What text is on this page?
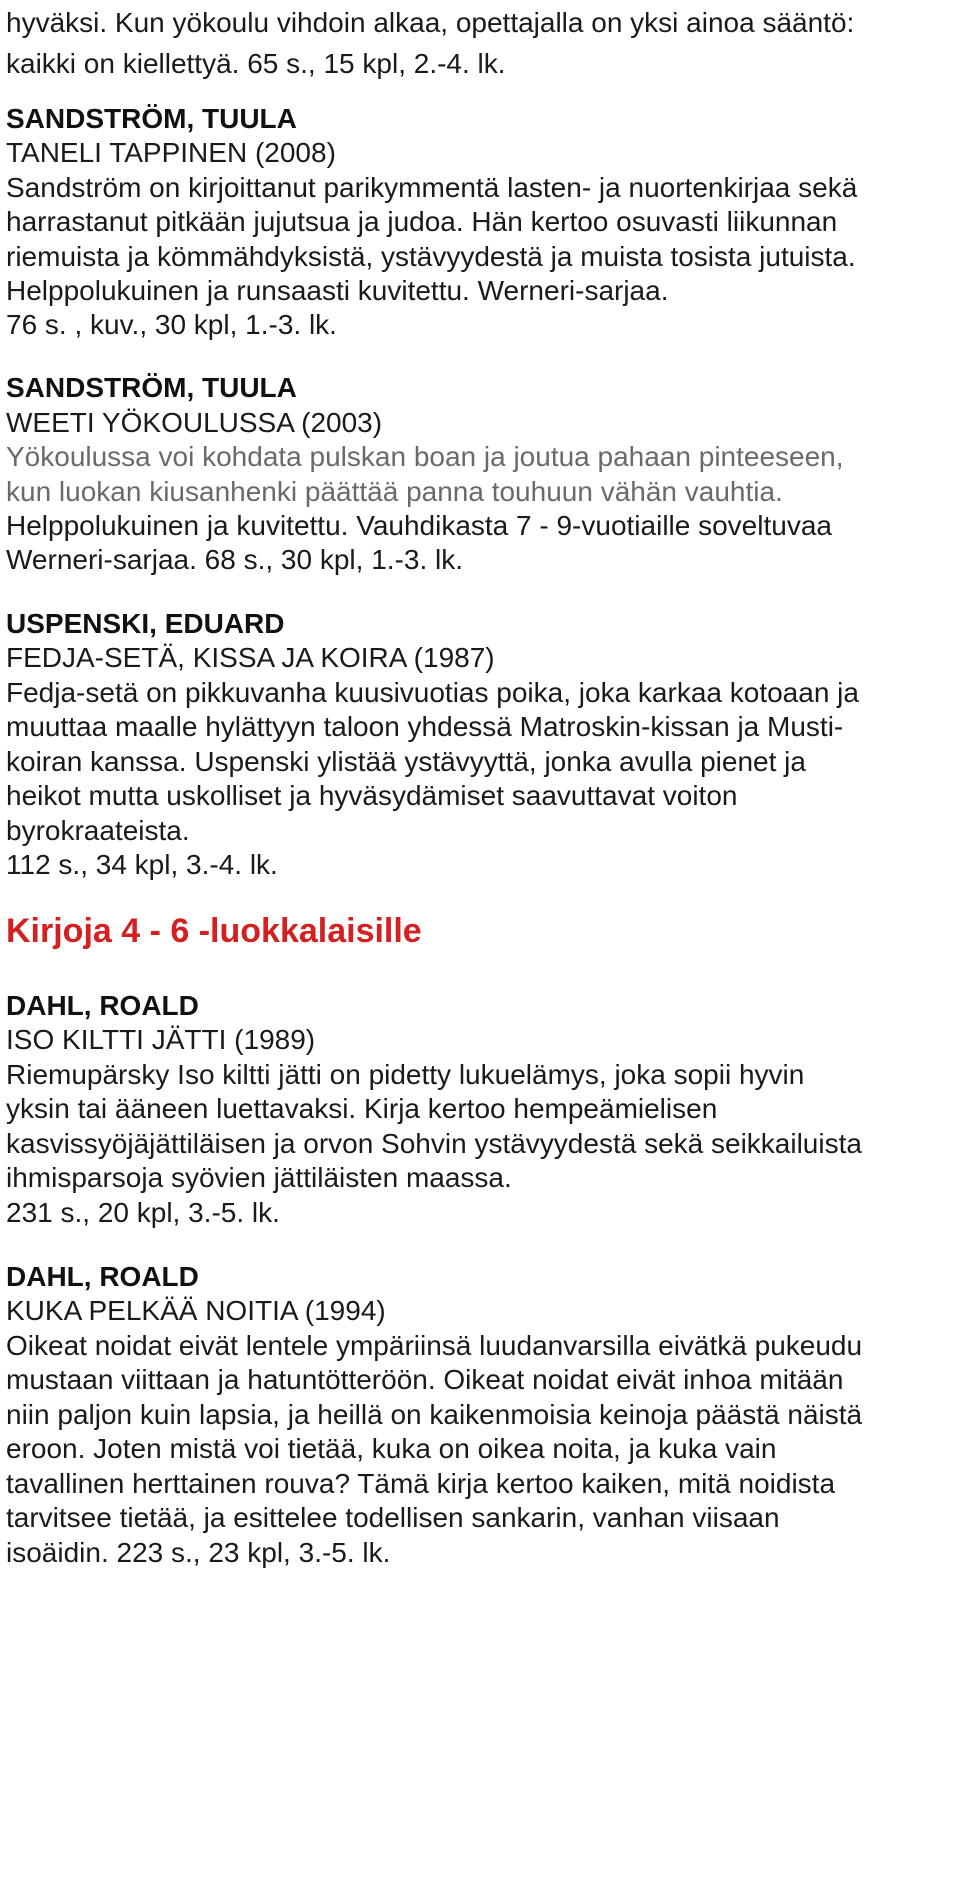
hyväksi. Kun yökoulu vihdoin alkaa, opettajalla on yksi ainoa sääntö:
kaikki on kiellettyä. 65 s., 15 kpl, 2.-4. lk.
SANDSTRÖM, TUULA
TANELI TAPPINEN (2008)
Sandström on kirjoittanut parikymmentä lasten- ja nuortenkirjaa sekä
harrastanut pitkään jujutsua ja judoa. Hän kertoo osuvasti liikunnan
riemuista ja kömmähdyksistä, ystävyydestä ja muista tosista jutuista.
Helppolukuinen ja runsaasti kuvitettu. Werneri-sarjaa.
76 s. , kuv., 30 kpl, 1.-3. lk.
SANDSTRÖM, TUULA
WEETI YÖKOULUSSA (2003)
Yökoulussa voi kohdata pulskan boan ja joutua pahaan pinteeseen,
kun luokan kiusanhenki päättää panna touhuun vähän vauhtia.
Helppolukuinen ja kuvitettu. Vauhdikasta 7 - 9-vuotiaille soveltuvaa
Werneri-sarjaa. 68 s., 30 kpl, 1.-3. lk.
USPENSKI, EDUARD
FEDJA-SETÄ, KISSA JA KOIRA (1987)
Fedja-setä on pikkuvanha kuusivuotias poika, joka karkaa kotoaan ja
muuttaa maalle hylättyyn taloon yhdessä Matroskin-kissan ja Musti-
koiran kanssa. Uspenski ylistää ystävyyttä, jonka avulla pienet ja
heikot mutta uskolliset ja hyväsydämiset saavuttavat voiton
byrokraateista.
112 s., 34 kpl, 3.-4. lk.
Kirjoja 4 - 6 -luokkalaisille
DAHL, ROALD
ISO KILTTI JÄTTI (1989)
Riemupärsky Iso kiltti jätti on pidetty lukuelämys, joka sopii hyvin
yksin tai ääneen luettavaksi. Kirja kertoo hempeämielisen
kasvissyöjäjättiläisen ja orvon Sohvin ystävyydestä sekä seikkailuista
ihmisparsoja syövien jättiläisten maassa.
231 s., 20 kpl, 3.-5. lk.
DAHL, ROALD
KUKA PELKÄÄ NOITIA (1994)
Oikeat noidat eivät lentele ympäriinsä luudanvarsilla eivätkä pukeudu
mustaan viittaan ja hatuntötteröön. Oikeat noidat eivät inhoa mitään
niin paljon kuin lapsia, ja heillä on kaikenmoisia keinoja päästä näistä
eroon. Joten mistä voi tietää, kuka on oikea noita, ja kuka vain
tavallinen herttainen rouva? Tämä kirja kertoo kaiken, mitä noidista
tarvitsee tietää, ja esittelee todellisen sankarin, vanhan viisaan
isoäidin. 223 s., 23 kpl, 3.-5. lk.
